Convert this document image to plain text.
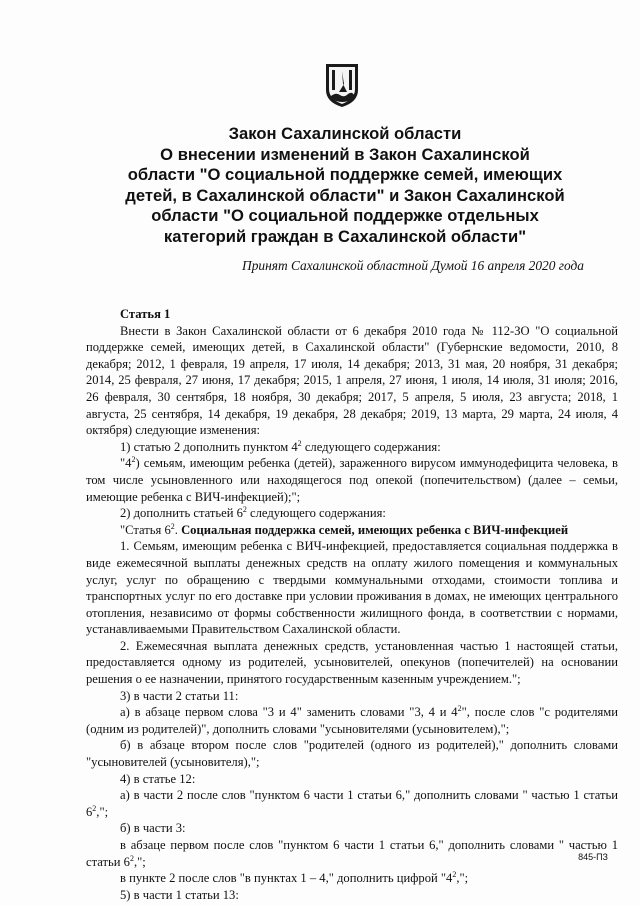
Закон Сахалинской области
О внесении изменений в Закон Сахалинской
области "О социальной поддержке семей, имеющих
детей, в Сахалинской области" и Закон Сахалинской
области "О социальной поддержке отдельных
категорий граждан в Сахалинской области"
Принят Сахалинской областной Думой 16 апреля 2020 года

Статья 1

Внести в Закон Сахалинской области от 6 декабря 2010 года № 112-ЗО "О социальной поддержке семей, имеющих детей, в Сахалинской области" (Губернские ведомости, 2010, 8 декабря; 2012, 1 февраля, 19 апреля, 17 июля, 14 декабря; 2013, 31 мая, 20 ноября, 31 декабря; 2014, 25 февраля, 27 июня, 17 декабря; 2015, 1 апреля, 27 июня, 1 июля, 14 июля, 31 июля; 2016, 26 февраля, 30 сентября, 18 ноября, 30 декабря; 2017, 5 апреля, 5 июля, 23 августа; 2018, 1 августа, 25 сентября, 14 декабря, 19 декабря, 28 декабря; 2019, 13 марта, 29 марта, 24 июля, 4 октября) следующие изменения:

1) статью 2 дополнить пунктом $4^2$ следующего содержания:

"$4^2$) семьям, имеющим ребенка (детей), зараженного вирусом иммунодефицита человека, в том числе усыновленного или находящегося под опекой (попечительством) (далее – семьи, имеющие ребенка с ВИЧ-инфекцией);";

2) дополнить статьей $6^2$ следующего содержания:

"Статья $6^2$. Социальная поддержка семей, имеющих ребенка с ВИЧ-инфекцией

1. Семьям, имеющим ребенка с ВИЧ-инфекцией, предоставляется социальная поддержка в виде ежемесячной выплаты денежных средств на оплату жилого помещения и коммунальных услуг, услуг по обращению с твердыми коммунальными отходами, стоимости топлива и транспортных услуг по его доставке при условии проживания в домах, не имеющих центрального отопления, независимо от формы собственности жилищного фонда, в соответствии с нормами, устанавливаемыми Правительством Сахалинской области.

2. Ежемесячная выплата денежных средств, установленная частью 1 настоящей статьи, предоставляется одному из родителей, усыновителей, опекунов (попечителей) на основании решения о ее назначении, принятого государственным казенным учреждением.";

3) в части 2 статьи 11:

а) в абзаце первом слова "3 и 4" заменить словами "3, 4 и $4^2$", после слов "с родителями (одним из родителей)", дополнить словами "усыновителями (усыновителем),";

б) в абзаце втором после слов "родителей (одного из родителей)," дополнить словами "усыновителей (усыновителя),";

4) в статье 12:

а) в части 2 после слов "пунктом 6 части 1 статьи 6," дополнить словами " частью 1 статьи $6^2$,";

б) в части 3:

в абзаце первом после слов "пунктом 6 части 1 статьи 6," дополнить словами " частью 1 статьи $6^2$,";

в пункте 2 после слов "в пунктах 1 – 4," дополнить цифрой "$4^2$,";

5) в части 1 статьи 13:

845-ПЗ
